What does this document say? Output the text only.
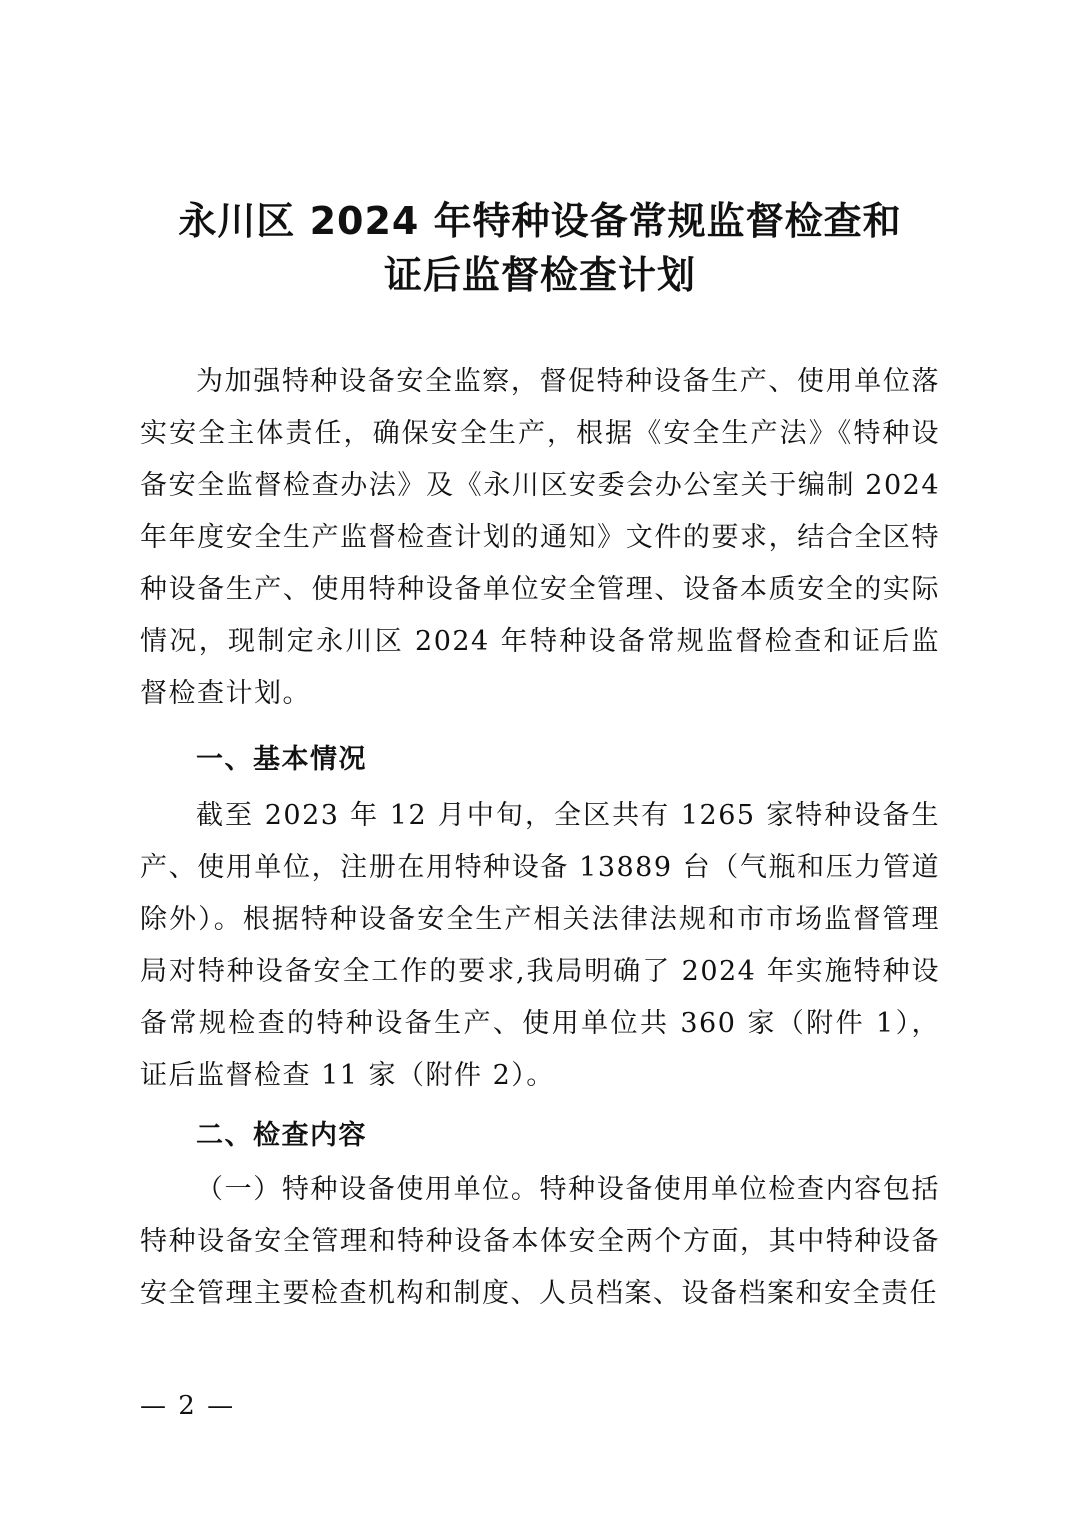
永川区 2024 年特种设备常规监督检查和
证后监督检查计划

为加强特种设备安全监察，督促特种设备生产、使用单位落实安全主体责任，确保安全生产，根据《安全生产法》《特种设备安全监督检查办法》及《永川区安委会办公室关于编制 2024 年年度安全生产监督检查计划的通知》文件的要求，结合全区特种设备生产、使用特种设备单位安全管理、设备本质安全的实际情况，现制定永川区 2024 年特种设备常规监督检查和证后监督检查计划。

一、基本情况

截至 2023 年 12 月中旬，全区共有 1265 家特种设备生产、使用单位，注册在用特种设备 13889 台（气瓶和压力管道除外）。根据特种设备安全生产相关法律法规和市市场监督管理局对特种设备安全工作的要求,我局明确了 2024 年实施特种设备常规检查的特种设备生产、使用单位共 360 家（附件 1），证后监督检查 11 家（附件 2）。

二、检查内容

（一）特种设备使用单位。特种设备使用单位检查内容包括特种设备安全管理和特种设备本体安全两个方面，其中特种设备安全管理主要检查机构和制度、人员档案、设备档案和安全责任

— 2 —
